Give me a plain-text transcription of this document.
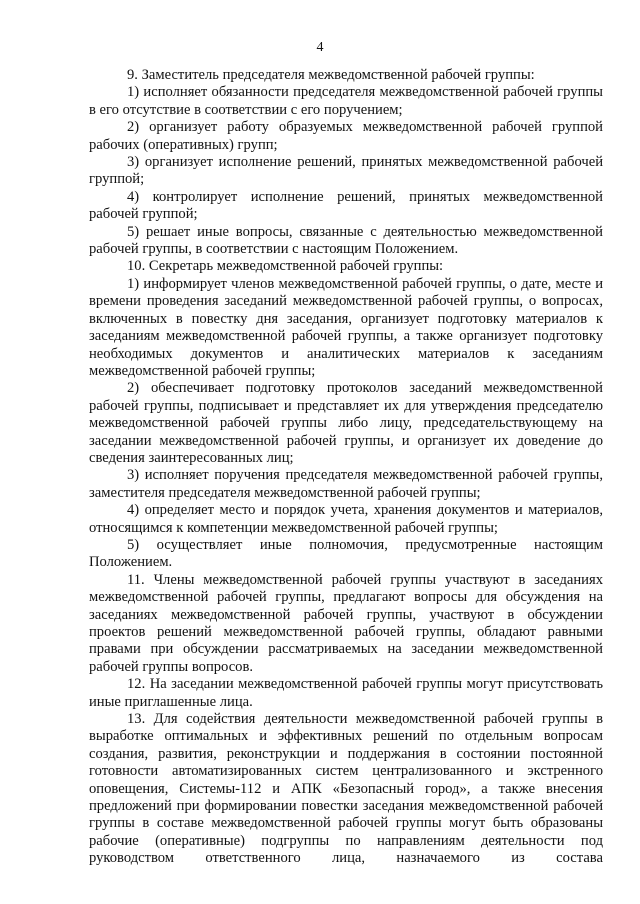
4

9. Заместитель председателя межведомственной рабочей группы:

1) исполняет обязанности председателя межведомственной рабочей группы в его отсутствие в соответствии с его поручением;

2) организует работу образуемых межведомственной рабочей группой рабочих (оперативных) групп;

3) организует исполнение решений, принятых межведомственной рабочей группой;

4) контролирует исполнение решений, принятых межведомственной рабочей группой;

5) решает иные вопросы, связанные с деятельностью межведомственной рабочей группы, в соответствии с настоящим Положением.

10. Секретарь межведомственной рабочей группы:

1) информирует членов межведомственной рабочей группы, о дате, месте и времени проведения заседаний межведомственной рабочей группы, о вопросах, включенных в повестку дня заседания, организует подготовку материалов к заседаниям межведомственной рабочей группы, а также организует подготовку необходимых документов и аналитических материалов к заседаниям межведомственной рабочей группы;

2) обеспечивает подготовку протоколов заседаний межведомственной рабочей группы, подписывает и представляет их для утверждения председателю межведомственной рабочей группы либо лицу, председательствующему на заседании межведомственной рабочей группы, и организует их доведение до сведения заинтересованных лиц;

3) исполняет поручения председателя межведомственной рабочей группы, заместителя председателя межведомственной рабочей группы;

4) определяет место и порядок учета, хранения документов и материалов, относящимся к компетенции межведомственной рабочей группы;

5) осуществляет иные полномочия, предусмотренные настоящим Положением.

11. Члены межведомственной рабочей группы участвуют в заседаниях межведомственной рабочей группы, предлагают вопросы для обсуждения на заседаниях межведомственной рабочей группы, участвуют в обсуждении проектов решений межведомственной рабочей группы, обладают равными правами при обсуждении рассматриваемых на заседании межведомственной рабочей группы вопросов.

12. На заседании межведомственной рабочей группы могут присутствовать иные приглашенные лица.

13. Для содействия деятельности межведомственной рабочей группы в выработке оптимальных и эффективных решений по отдельным вопросам создания, развития, реконструкции и поддержания в состоянии постоянной готовности автоматизированных систем централизованного и экстренного оповещения, Системы-112 и АПК «Безопасный город», а также внесения предложений при формировании повестки заседания межведомственной рабочей группы в составе межведомственной рабочей группы могут быть образованы рабочие (оперативные) подгруппы по направлениям деятельности под руководством ответственного лица, назначаемого из состава
